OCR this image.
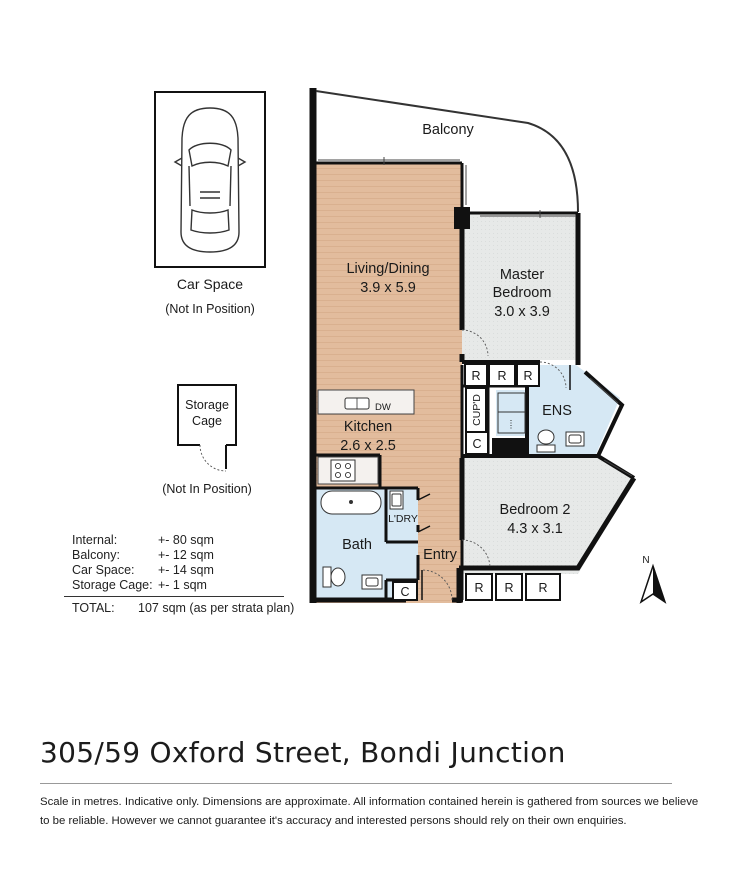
Car Space
(Not In Position)
Storage
Cage
(Not In Position)
DW
Balcony
Living/Dining
3.9 x 5.9
Master
Bedroom
3.0 x 3.9
Kitchen
2.6 x 2.5
ENS
Bedroom 2
4.3 x 3.1
Bath
L'DRY
Entry
CUP'D
R R R
C
R R R
C
N
Internal:	+- 80 sqm
Balcony:	+- 12 sqm
Car Space: +- 14 sqm
Storage Cage: +- 1 sqm
TOTAL: 107 sqm (as per strata plan)
305/59 Oxford Street, Bondi Junction
Scale in metres. Indicative only. Dimensions are approximate. All information contained herein is gathered from sources we believe to be reliable. However we cannot guarantee it's accuracy and interested persons should rely on their own enquiries.
